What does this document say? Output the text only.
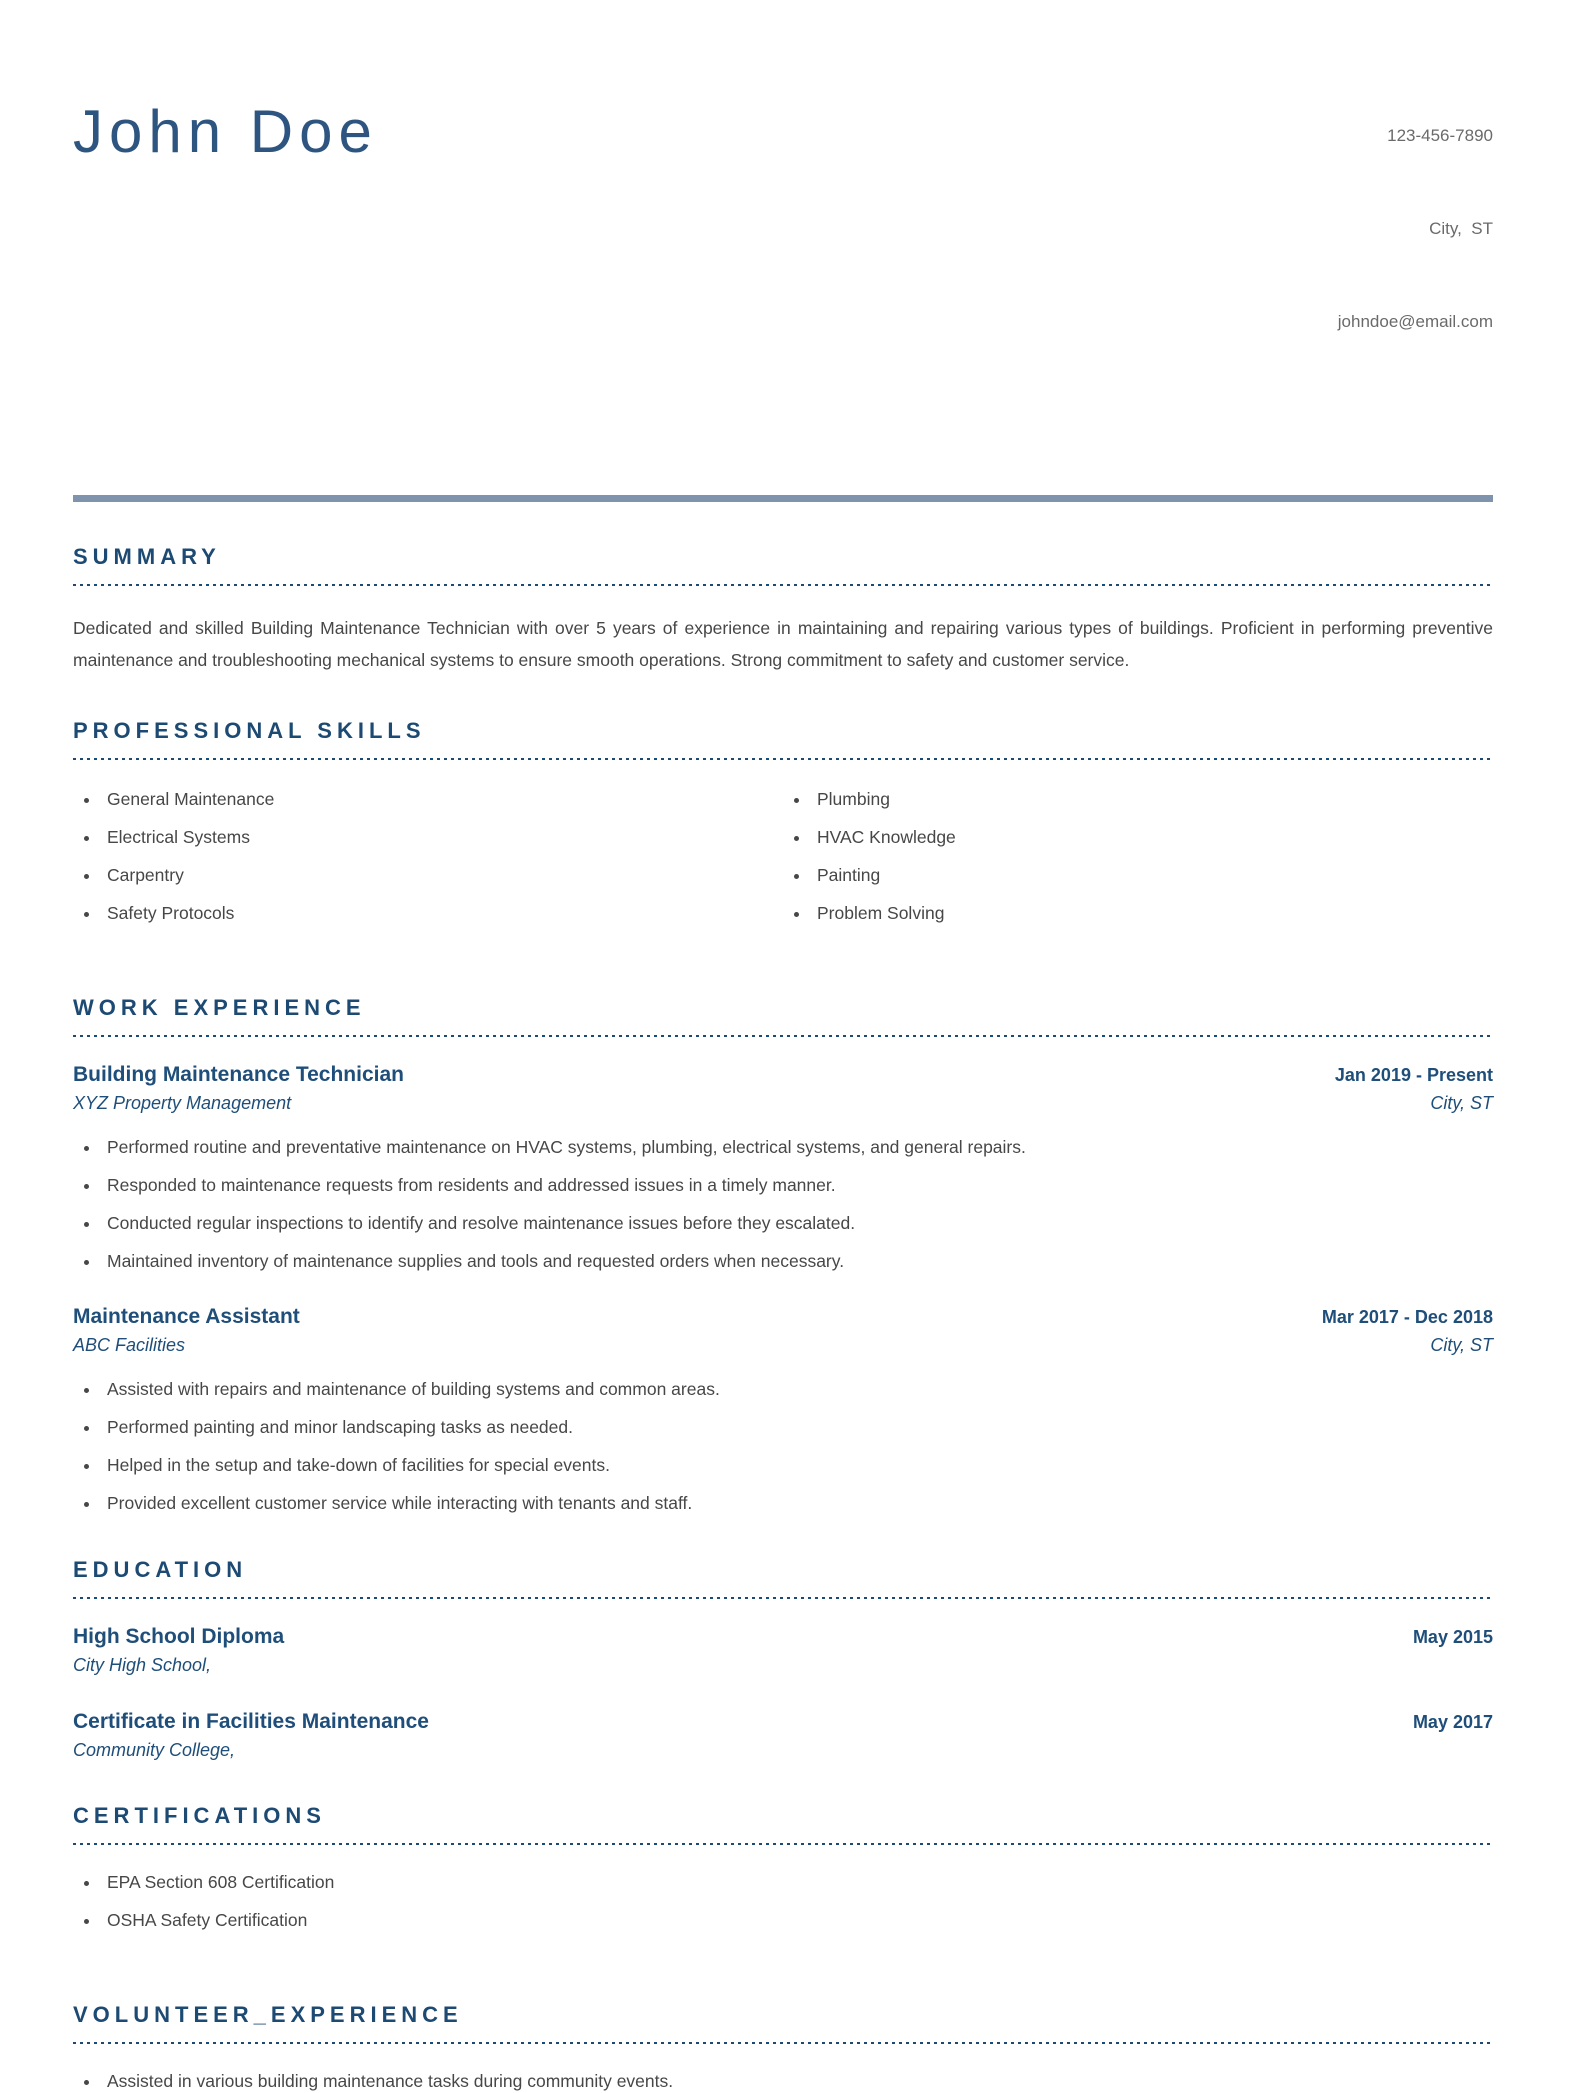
John Doe

	123-456-7890

City,  ST

johndoe@email.com

SUMMARY

Dedicated and skilled Building Maintenance Technician with over 5 years of experience in maintaining and repairing various types of buildings. Proficient in performing preventive maintenance and troubleshooting mechanical systems to ensure smooth operations. Strong commitment to safety and customer service.

PROFESSIONAL SKILLS
• General Maintenance
• Electrical Systems
• Carpentry
• Safety Protocols
• Plumbing
• HVAC Knowledge
• Painting
• Problem Solving
WORK EXPERIENCE
Building Maintenance Technician	Jan 2019 - Present
XYZ Property Management	City, ST
• Performed routine and preventative maintenance on HVAC systems, plumbing, electrical systems, and general repairs.
• Responded to maintenance requests from residents and addressed issues in a timely manner.
• Conducted regular inspections to identify and resolve maintenance issues before they escalated.
• Maintained inventory of maintenance supplies and tools and requested orders when necessary.
Maintenance Assistant	Mar 2017 - Dec 2018
ABC Facilities	City, ST
• Assisted with repairs and maintenance of building systems and common areas.
• Performed painting and minor landscaping tasks as needed.
• Helped in the setup and take-down of facilities for special events.
• Provided excellent customer service while interacting with tenants and staff.
EDUCATION
High School Diploma	May 2015
City High School,
Certificate in Facilities Maintenance	May 2017
Community College,
CERTIFICATIONS
• EPA Section 608 Certification
• OSHA Safety Certification
VOLUNTEER_EXPERIENCE
• Assisted in various building maintenance tasks during community events.
